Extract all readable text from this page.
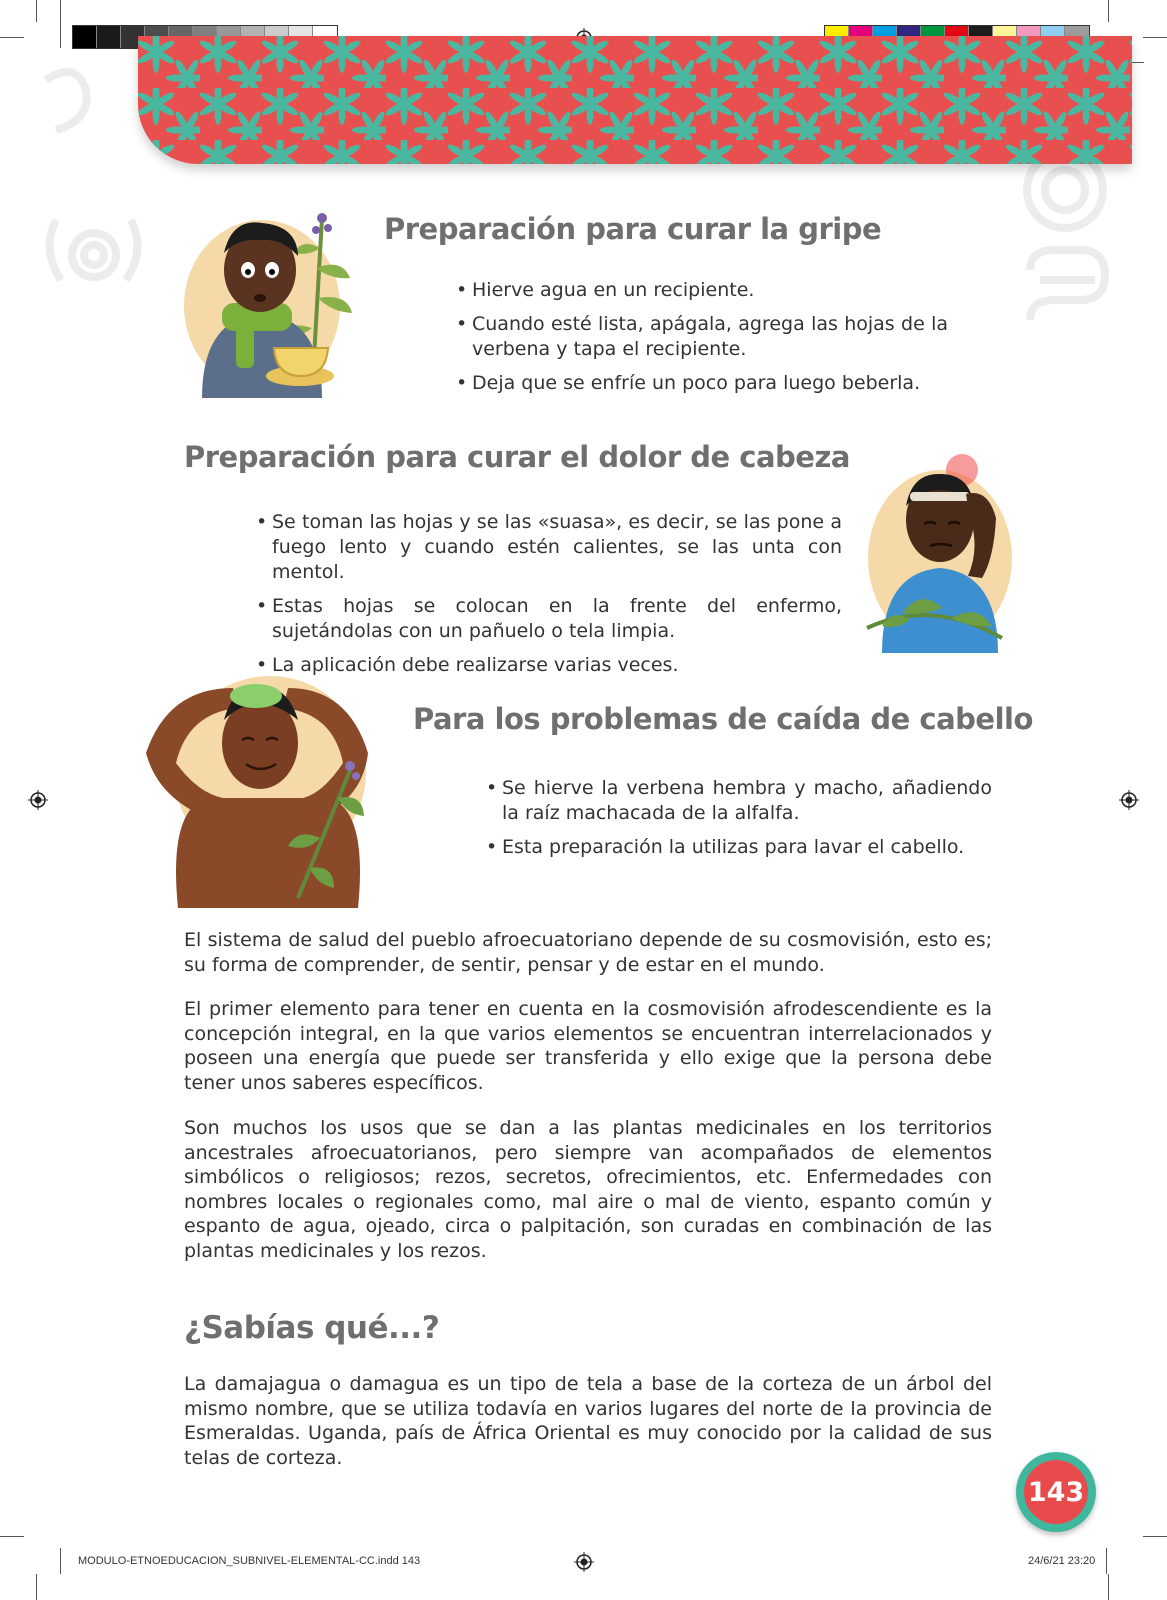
Preparación para curar la gripe
• Hierve agua en un recipiente.
• Cuando esté lista, apágala, agrega las hojas de la verbena y tapa el recipiente.
• Deja que se enfríe un poco para luego beberla.
Preparación para curar el dolor de cabeza
• Se toman las hojas y se las «suasa», es decir, se las pone a fuego lento y cuando estén calientes, se las unta con mentol.
• Estas hojas se colocan en la frente del enfermo, sujetándolas con un pañuelo o tela limpia.
• La aplicación debe realizarse varias veces.
Para los problemas de caída de cabello
• Se hierve la verbena hembra y macho, añadiendo la raíz machacada de la alfalfa.
• Esta preparación la utilizas para lavar el cabello.

El sistema de salud del pueblo afroecuatoriano depende de su cosmovisión, esto es; su forma de comprender, de sentir, pensar y de estar en el mundo.

El primer elemento para tener en cuenta en la cosmovisión afrodescendiente es la concepción integral, en la que varios elementos se encuentran interrelacionados y poseen una energía que puede ser transferida y ello exige que la persona debe tener unos saberes específicos.

Son muchos los usos que se dan a las plantas medicinales en los territorios ancestrales afroecuatorianos, pero siempre van acompañados de elementos simbólicos o religiosos; rezos, secretos, ofrecimientos, etc. Enfermedades con nombres locales o regionales como, mal aire o mal de viento, espanto común y espanto de agua, ojeado, circa o palpitación, son curadas en combinación de las plantas medicinales y los rezos.

¿Sabías qué...?

La damajagua o damagua es un tipo de tela a base de la corteza de un árbol del mismo nombre, que se utiliza todavía en varios lugares del norte de la provincia de Esmeraldas. Uganda, país de África Oriental es muy conocido por la calidad de sus telas de corteza.

143
MODULO-ETNOEDUCACION_SUBNIVEL-ELEMENTAL-CC.indd 143	24/6/21 23:20
